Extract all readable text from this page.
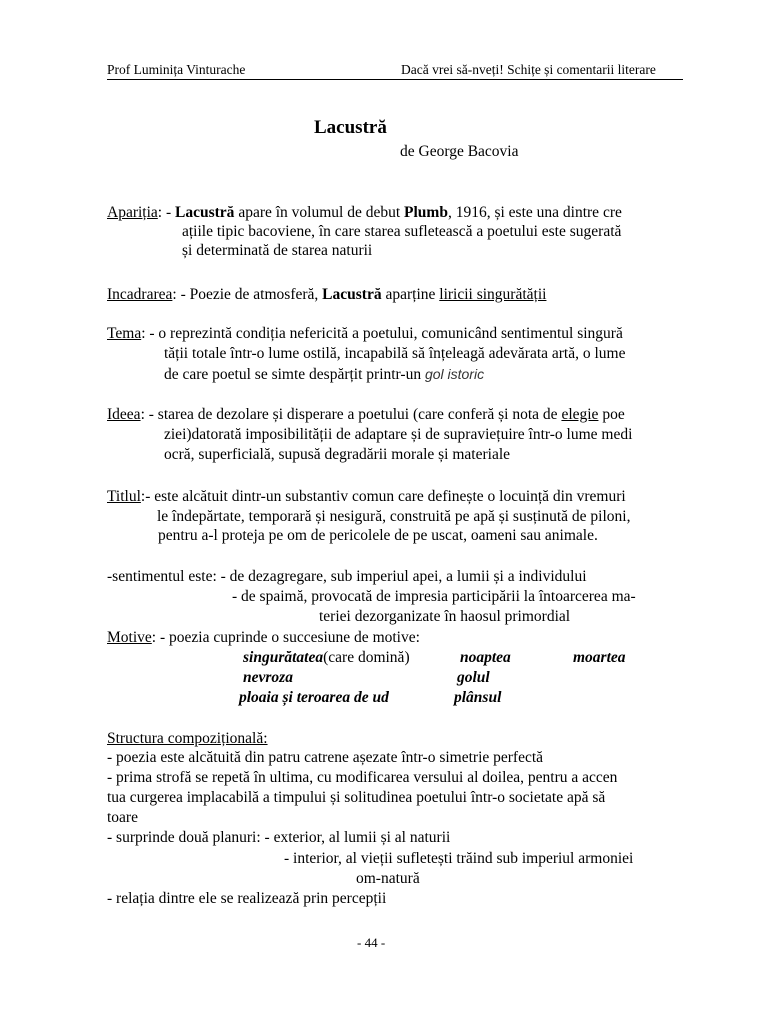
Prof Luminița Vinturache	Dacă vrei să-nveți! Schițe și comentarii literare
Lacustră
de George Bacovia
Apariția: - Lacustră apare în volumul de debut Plumb, 1916, și este una dintre cre
ațiile tipic bacoviene, în care starea sufletească a poetului este sugerată
și determinată de starea naturii
Incadrarea: - Poezie de atmosferă, Lacustră aparține liricii singurătății
Tema: - o reprezintă condiția nefericită a poetului, comunicând sentimentul singură
tății totale într-o lume ostilă, incapabilă să înțeleagă adevărata artă, o lume
de care poetul se simte despărțit printr-un gol istoric
Ideea: - starea de dezolare și disperare a poetului (care conferă și nota de elegie poe
ziei)datorată imposibilității de adaptare și de supraviețuire într-o lume medi
ocră, superficială, supusă degradării morale și materiale
Titlul:- este alcătuit dintr-un substantiv comun care definește o locuință din vremuri
le îndepărtate, temporară și nesigură, construită pe apă și susținută de piloni,
pentru a-l proteja pe om de pericolele de pe uscat, oameni sau animale.
-sentimentul este: - de dezagregare, sub imperiul apei, a lumii și a individului
- de spaimă, provocată de impresia participării la întoarcerea ma-
teriei dezorganizate în haosul primordial
Motive: - poezia cuprinde o succesiune de motive:
singurătatea(care domină)	noaptea	moartea
nevroza	golul
ploaia și teroarea de ud	plânsul
Structura compozițională:
- poezia este alcătuită din patru catrene așezate într-o simetrie perfectă
- prima strofă se repetă în ultima, cu modificarea versului al doilea, pentru a accen
tua curgerea implacabilă a timpului și solitudinea poetului într-o societate apă să
toare
- surprinde două planuri: - exterior, al lumii și al naturii
- interior, al vieții sufletești trăind sub imperiul armoniei
om-natură
- relația dintre ele se realizează prin percepții
- 44 -
